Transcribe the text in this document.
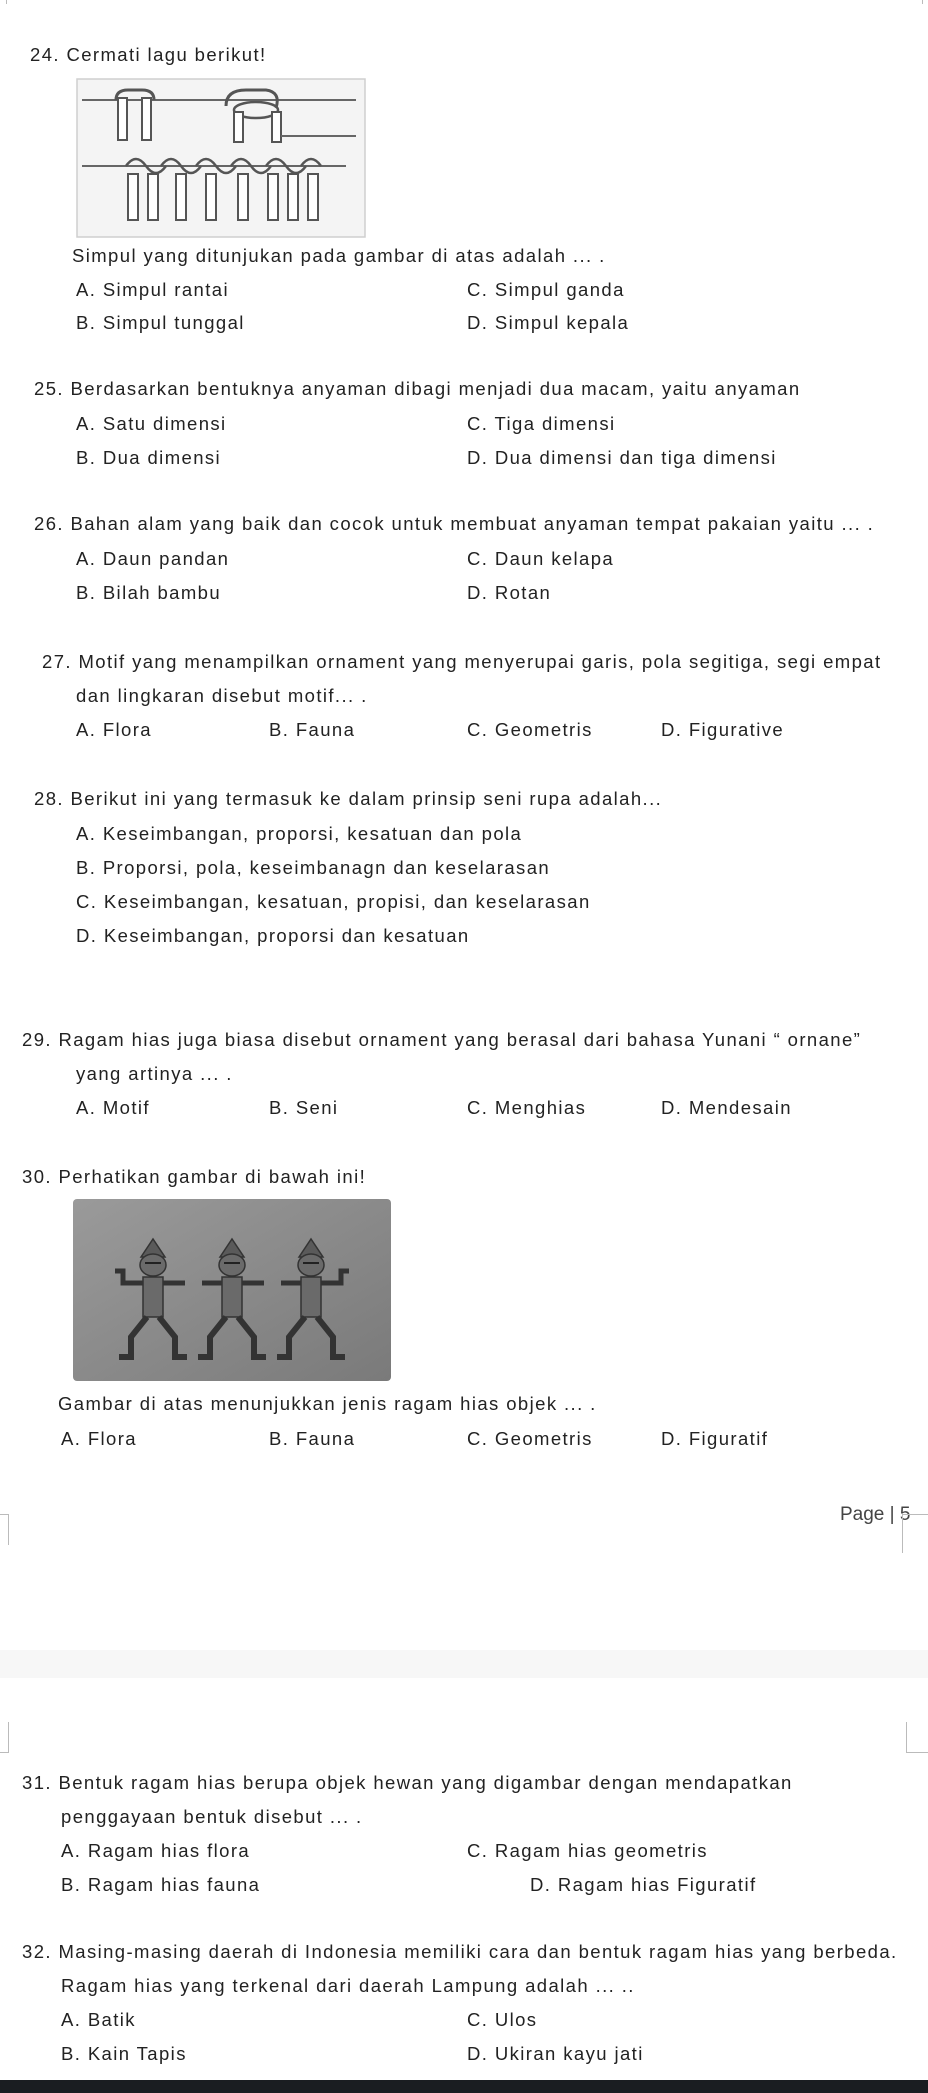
24. Cermati lagu berikut!
Simpul yang ditunjukan pada gambar di atas adalah ... .
A. Simpul rantai	C. Simpul ganda
B. Simpul tunggal	D. Simpul kepala
25. Berdasarkan bentuknya anyaman dibagi menjadi dua macam, yaitu anyaman
A. Satu dimensi	C. Tiga dimensi
B. Dua dimensi	D. Dua dimensi dan tiga dimensi
26. Bahan alam yang baik dan cocok untuk membuat anyaman tempat pakaian yaitu ... .
A. Daun pandan	C. Daun kelapa
B. Bilah bambu	D. Rotan
27. Motif yang menampilkan ornament yang menyerupai garis, pola segitiga, segi empat
dan lingkaran disebut motif... .
A. Flora	B. Fauna	C. Geometris	D. Figurative
28. Berikut ini yang termasuk ke dalam prinsip seni rupa adalah...
A. Keseimbangan, proporsi, kesatuan dan pola
B. Proporsi, pola, keseimbanagn dan keselarasan
C. Keseimbangan, kesatuan, propisi, dan keselarasan
D. Keseimbangan, proporsi dan kesatuan
29. Ragam hias juga biasa disebut ornament yang berasal dari bahasa Yunani “ ornane”
yang artinya ... .
A. Motif	B. Seni	C. Menghias	D. Mendesain
30. Perhatikan gambar di bawah ini!
Gambar di atas menunjukkan jenis ragam hias objek ... .
A. Flora	B. Fauna	C. Geometris	D. Figuratif
Page | 5
31. Bentuk ragam hias berupa objek hewan yang digambar dengan mendapatkan
penggayaan bentuk disebut ... .
A. Ragam hias flora	C. Ragam hias geometris
B. Ragam hias fauna	D. Ragam hias Figuratif
32. Masing-masing daerah di Indonesia memiliki cara dan bentuk ragam hias yang berbeda.
Ragam hias yang terkenal dari daerah Lampung adalah ... ..
A. Batik	C. Ulos
B. Kain Tapis	D. Ukiran kayu jati
